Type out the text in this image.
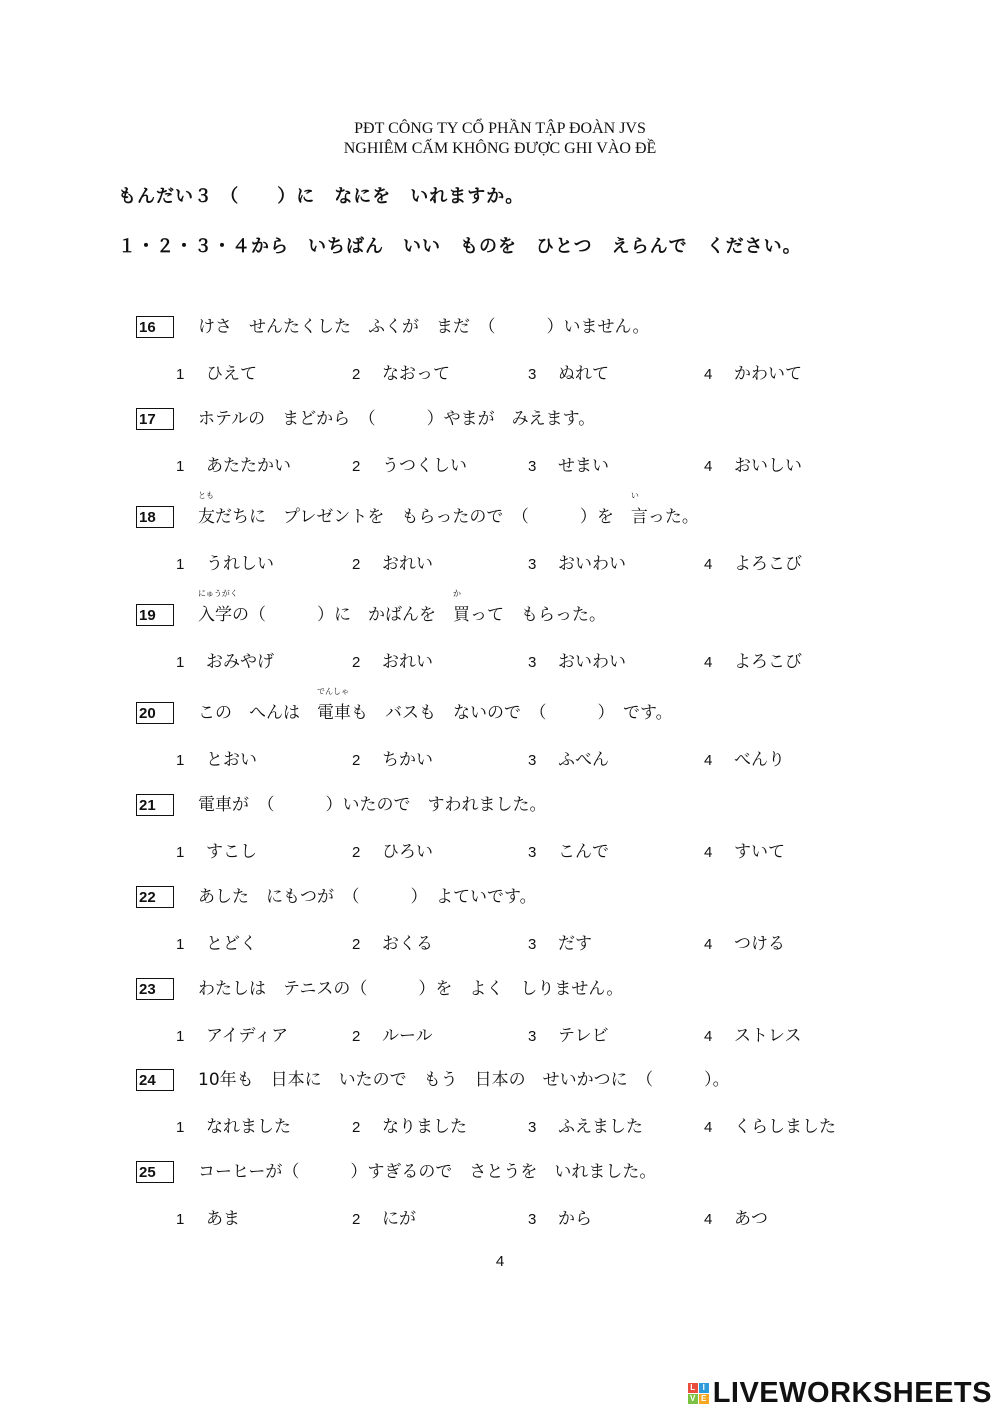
PĐT CÔNG TY CỔ PHẦN TẬP ĐOÀN JVS
NGHIÊM CẤM KHÔNG ĐƯỢC GHI VÀO ĐỀ
もんだい３ （　　）に　なにを　いれますか。
１・２・３・４から　いちばん　いい　ものを　ひとつ　えらんで　ください。
16	けさ　せんたくした　ふくが　まだ　（　　　）いません。
1 ひえて	2 なおって	3 ぬれて	4 かわいて
17	ホテルの　まどから　（　　　）やまが　みえます。
1 あたたかい	2 うつくしい	3 せまい	4 おいしい
18
とも
友だちに　プレゼントを　もらったので　（　　　）を　
い
言った。
1 うれしい	2 おれい	3 おいわい	4 よろこび
19
にゅうがく
入学の（　　　）に　かばんを　
か
買って　もらった。
1 おみやげ	2 おれい	3 おいわい	4 よろこび
20	この　へんは　
でんしゃ
電車も　バスも　ないので　（　　　）　です。
1 とおい	2 ちかい	3 ふべん	4 べんり
21	電車が　（　　　）いたので　すわれました。
1 すこし	2 ひろい	3 こんで	4 すいて
22	あした　にもつが　（　　　）　よていです。
1 とどく	2 おくる	3 だす	4 つける
23	わたしは　テニスの（　　　）を　よく　しりません。
1 アイディア	2 ルール	3 テレビ	4 ストレス
24	10年も　日本に　いたので　もう　日本の　せいかつに　（　　　）。
1 なれました	2 なりました	3 ふえました	4 くらしました
25	コーヒーが（　　　）すぎるので　さとうを　いれました。
1 あま	2 にが	3 から	4 あつ
4
L I
V E LIVEWORKSHEETS
